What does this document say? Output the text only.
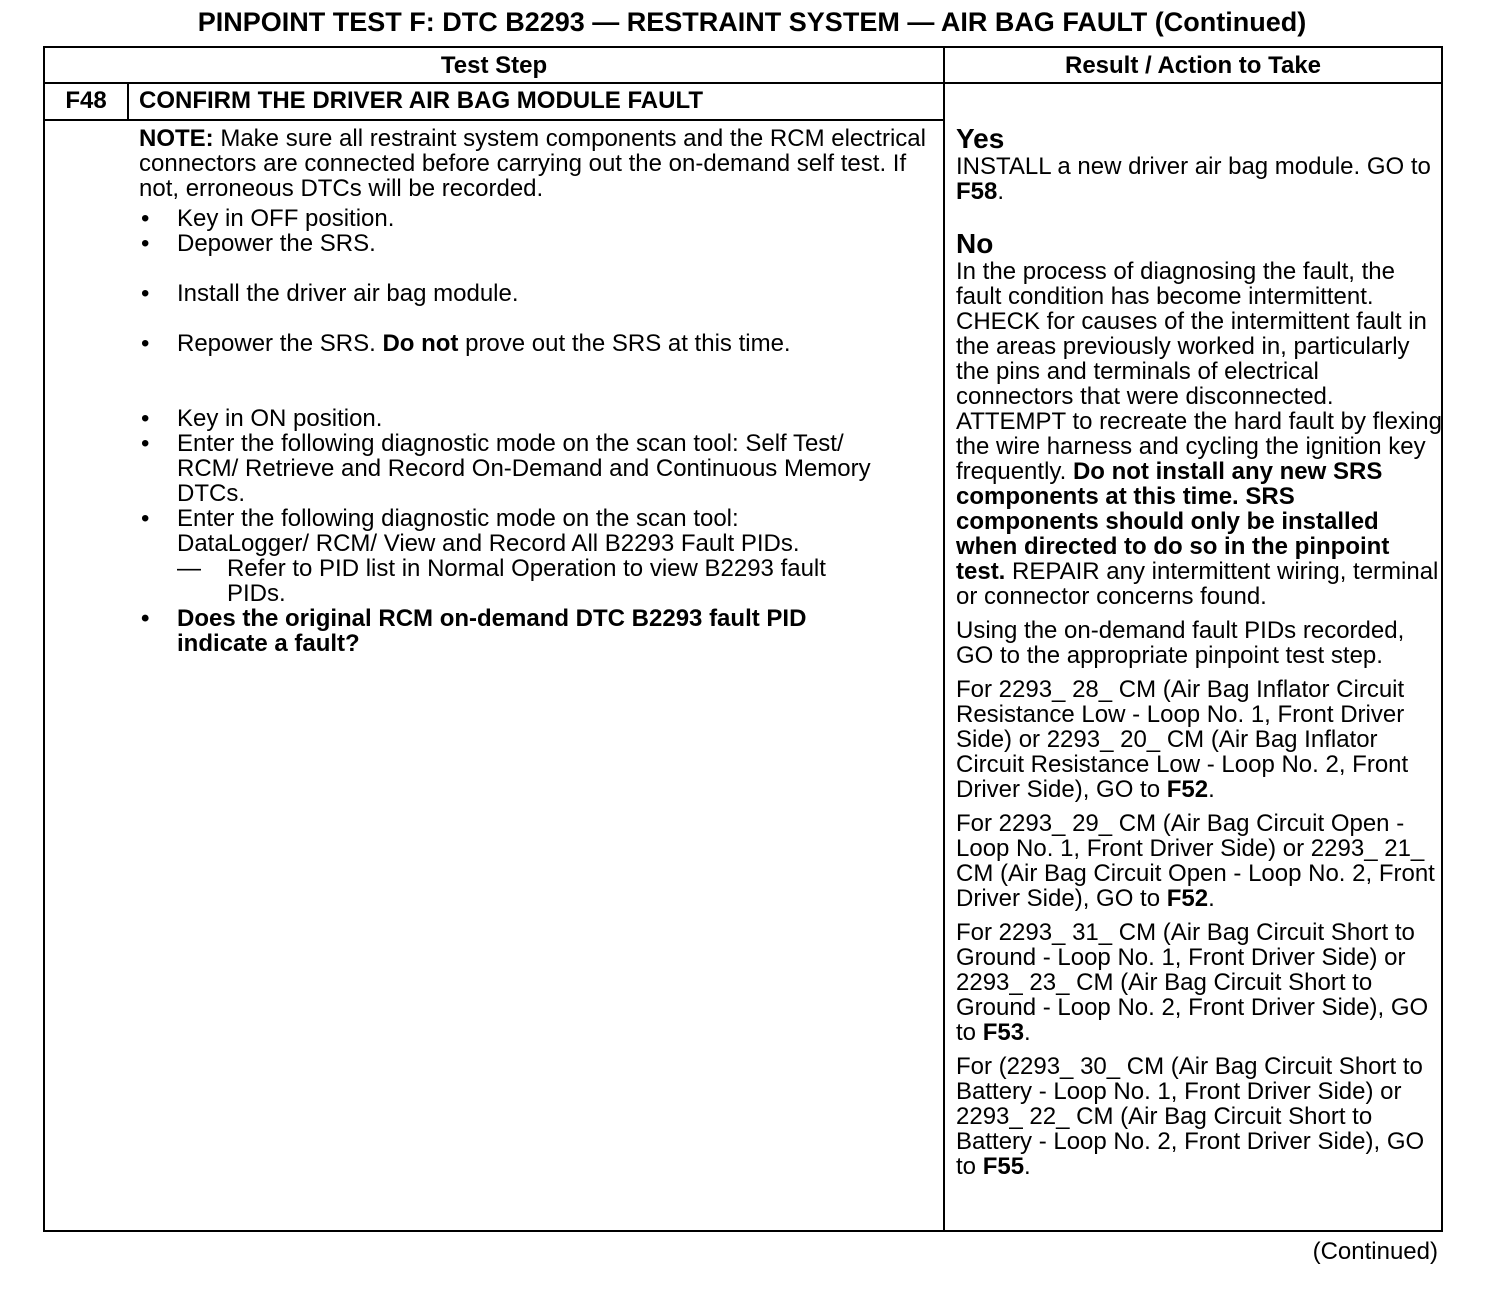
PINPOINT TEST F: DTC B2293 — RESTRAINT SYSTEM — AIR BAG FAULT (Continued)
Test Step	Result / Action to Take
F48	CONFIRM THE DRIVER AIR BAG MODULE FAULT

NOTE: Make sure all restraint system components and the RCM electrical connectors are connected before carrying out the on-demand self test. If not, erroneous DTCs will be recorded.

• Key in OFF position.

• Depower the SRS.

• Install the driver air bag module.

• Repower the SRS. Do not prove out the SRS at this time.

• Key in ON position.

• Enter the following diagnostic mode on the scan tool: Self Test/ RCM/ Retrieve and Record On-Demand and Continuous Memory DTCs.

• Enter the following diagnostic mode on the scan tool: DataLogger/ RCM/ View and Record All B2293 Fault PIDs.

— Refer to PID list in Normal Operation to view B2293 fault PIDs.

• Does the original RCM on-demand DTC B2293 fault PID indicate a fault?

Yes

INSTALL a new driver air bag module. GO to F58.

No

In the process of diagnosing the fault, the fault condition has become intermittent. CHECK for causes of the intermittent fault in the areas previously worked in, particularly the pins and terminals of electrical connectors that were disconnected. ATTEMPT to recreate the hard fault by flexing the wire harness and cycling the ignition key frequently. Do not install any new SRS components at this time. SRS components should only be installed when directed to do so in the pinpoint test. REPAIR any intermittent wiring, terminal or connector concerns found.

Using the on-demand fault PIDs recorded, GO to the appropriate pinpoint test step.

For 2293_ 28_ CM (Air Bag Inflator Circuit Resistance Low - Loop No. 1, Front Driver Side) or 2293_ 20_ CM (Air Bag Inflator Circuit Resistance Low - Loop No. 2, Front Driver Side), GO to F52.

For 2293_ 29_ CM (Air Bag Circuit Open - Loop No. 1, Front Driver Side) or 2293_ 21_ CM (Air Bag Circuit Open - Loop No. 2, Front Driver Side), GO to F52.

For 2293_ 31_ CM (Air Bag Circuit Short to Ground - Loop No. 1, Front Driver Side) or 2293_ 23_ CM (Air Bag Circuit Short to Ground - Loop No. 2, Front Driver Side), GO to F53.

For (2293_ 30_ CM (Air Bag Circuit Short to Battery - Loop No. 1, Front Driver Side) or 2293_ 22_ CM (Air Bag Circuit Short to Battery - Loop No. 2, Front Driver Side), GO to F55.

(Continued)
